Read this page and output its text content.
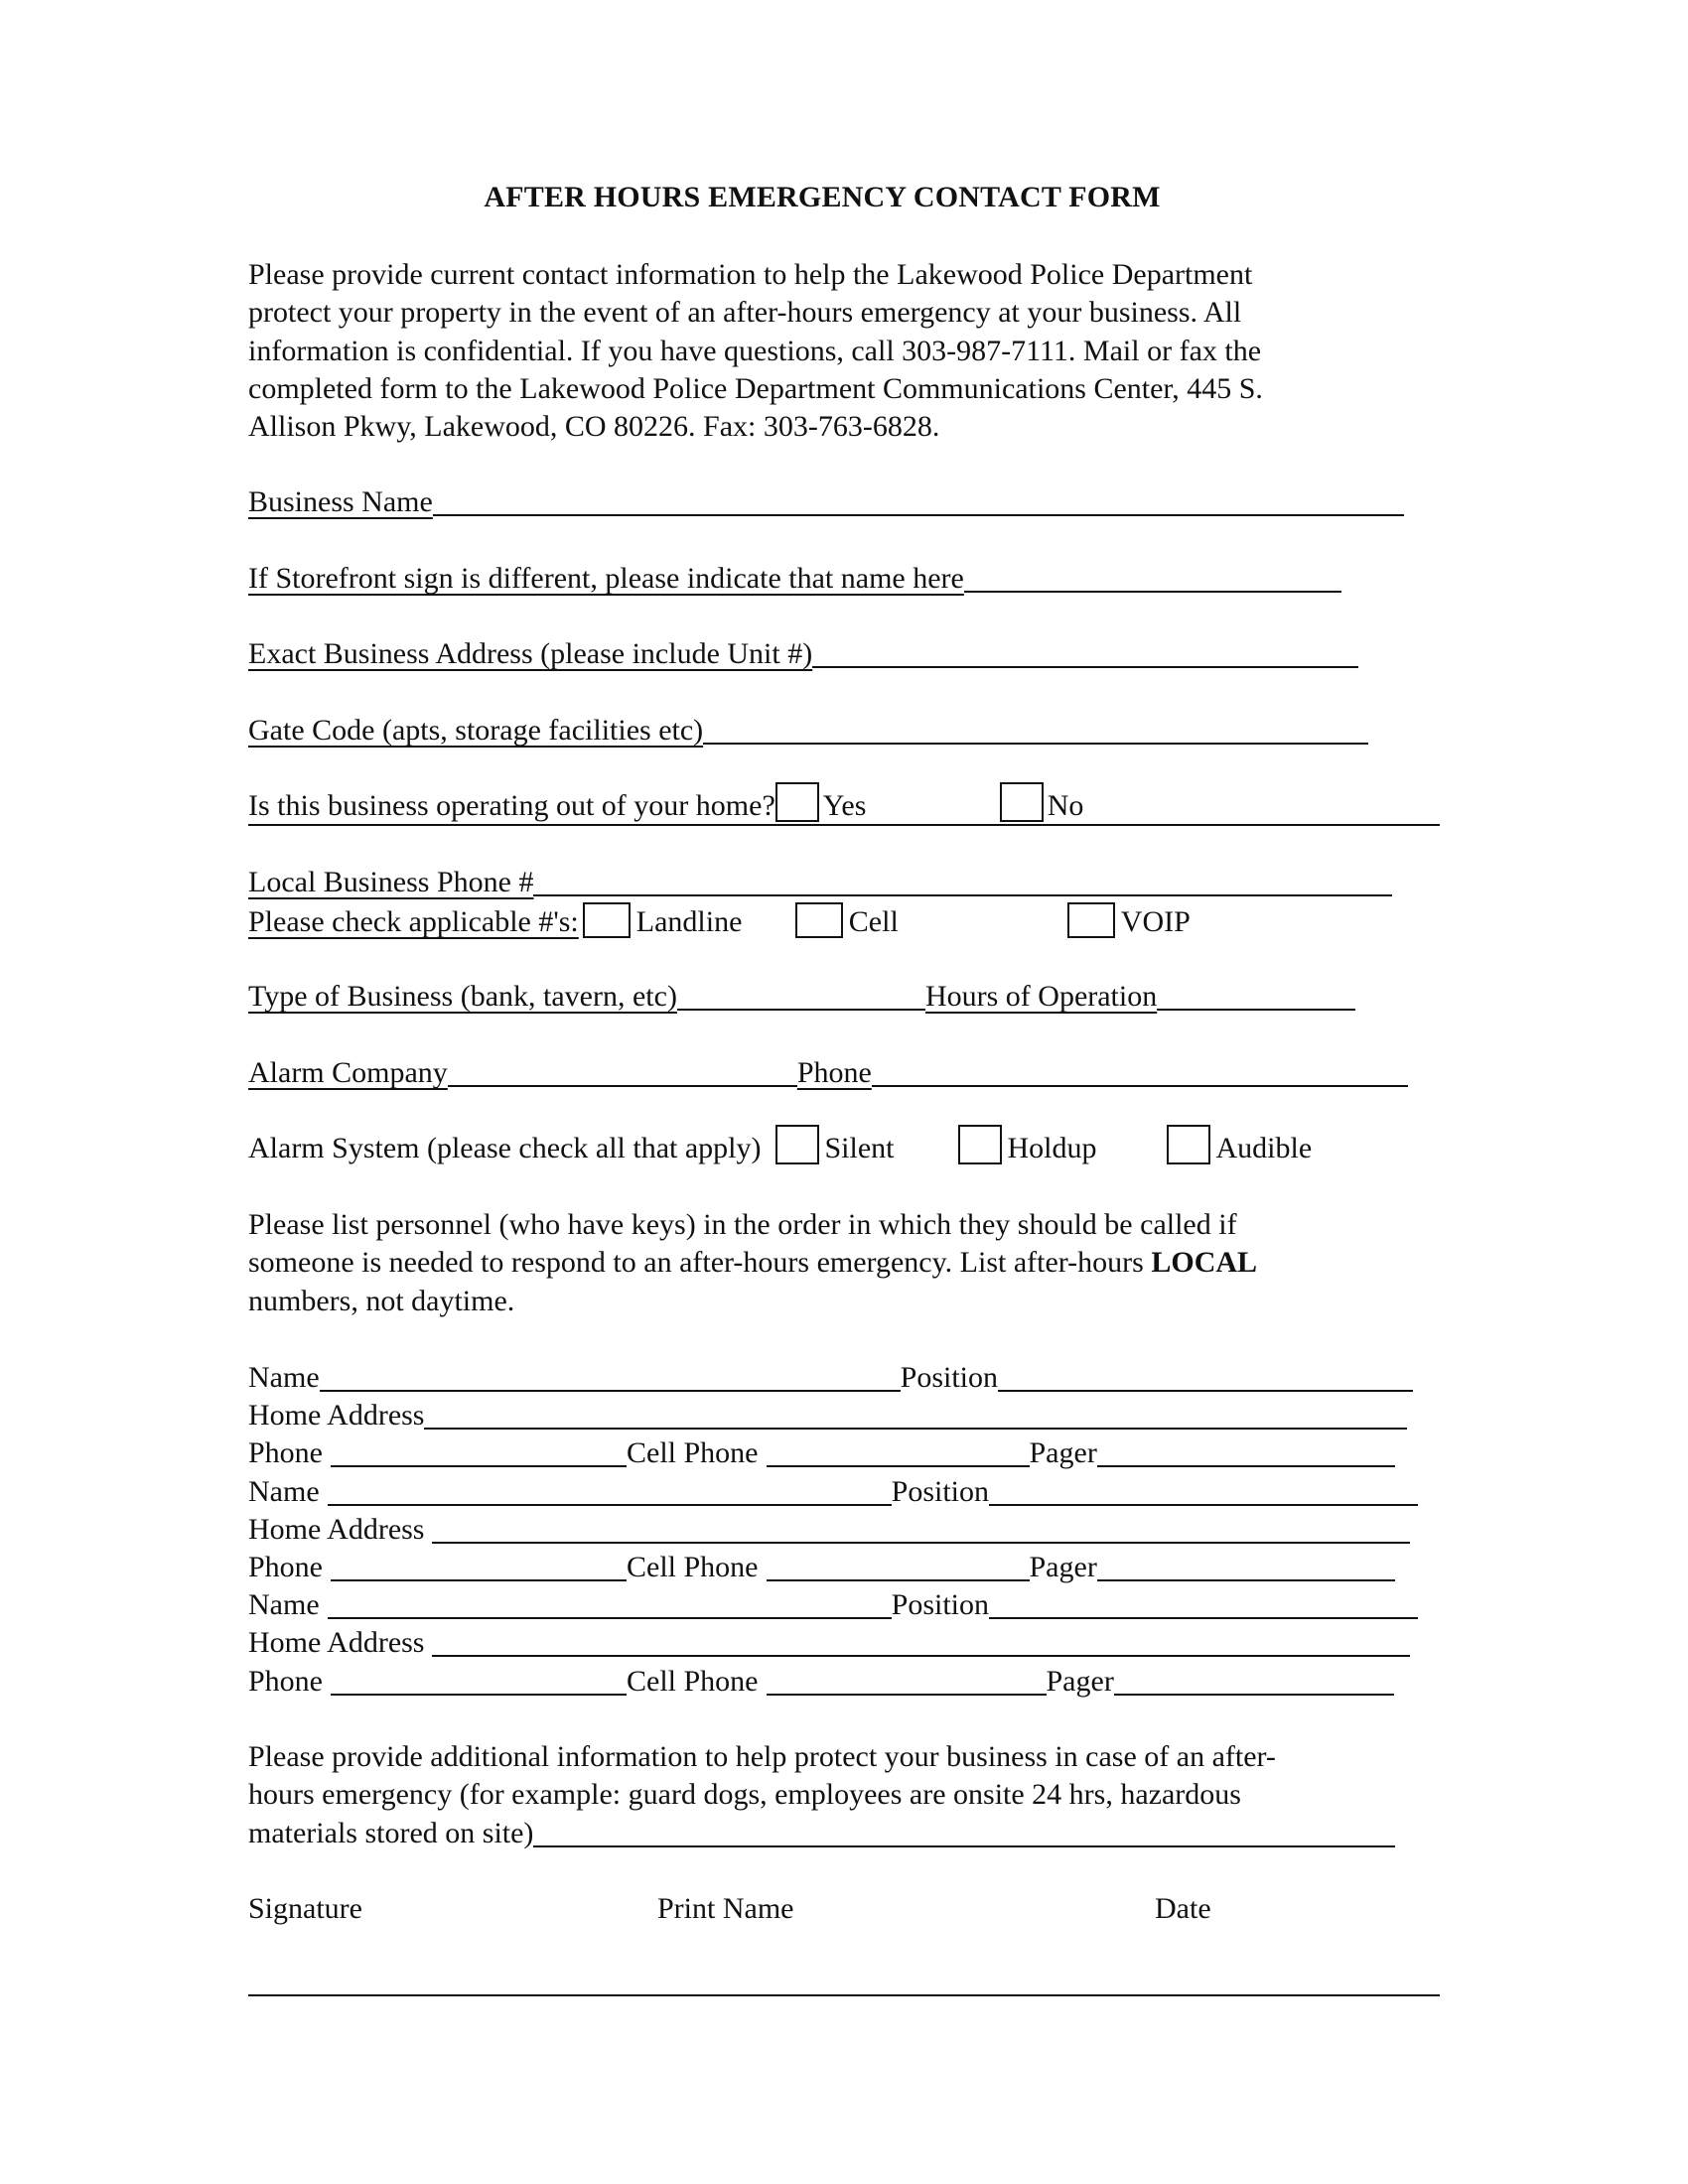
AFTER HOURS EMERGENCY CONTACT FORM
Please provide current contact information to help the Lakewood Police Department
protect your property in the event of an after-hours emergency at your business. All
information is confidential. If you have questions, call 303-987-7111. Mail or fax the
completed form to the Lakewood Police Department Communications Center, 445 S.
Allison Pkwy, Lakewood, CO 80226. Fax: 303-763-6828.
Business Name
If Storefront sign is different, please indicate that name here
Exact Business Address (please include Unit #)
Gate Code (apts, storage facilities etc)
Is this business operating out of your home? Yes	No
Local Business Phone #
Please check applicable #'s: Landline	Cell	VOIP
Type of Business (bank, tavern, etc)	Hours of Operation
Alarm Company	Phone
Alarm System (please check all that apply) Silent	Holdup	Audible
Please list personnel (who have keys) in the order in which they should be called if
someone is needed to respond to an after-hours emergency. List after-hours LOCAL
numbers, not daytime.
Name	Position
Home Address
Phone	Cell Phone	Pager
Name	Position
Home Address
Phone	Cell Phone	Pager
Name	Position
Home Address
Phone	Cell Phone	Pager
Please provide additional information to help protect your business in case of an after-
hours emergency (for example: guard dogs, employees are onsite 24 hrs, hazardous
materials stored on site)
Signature	Print Name	Date
